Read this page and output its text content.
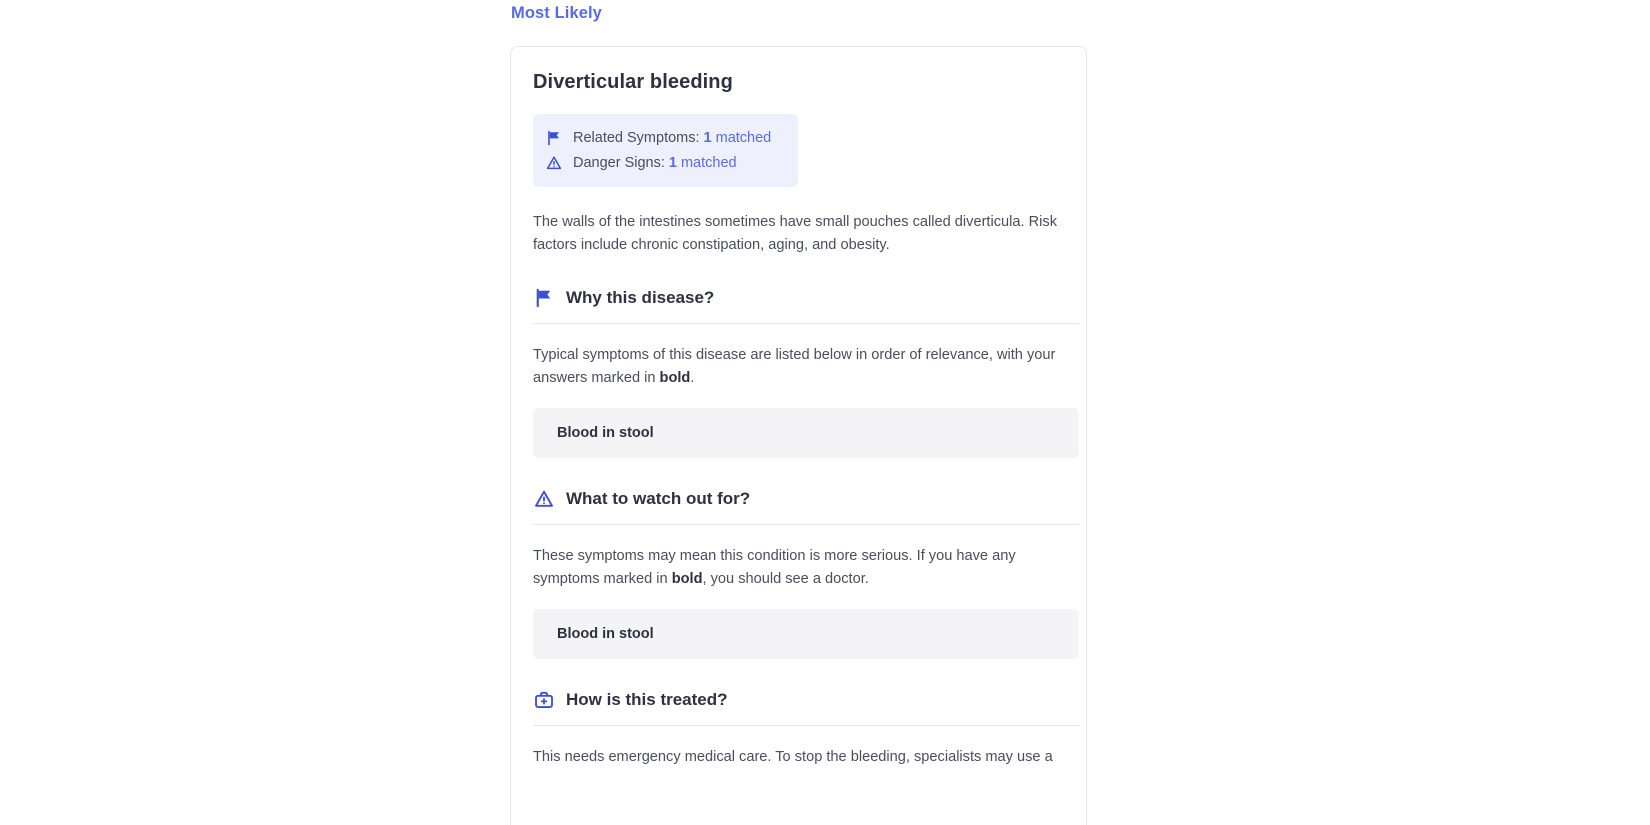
Most Likely
Diverticular bleeding
Related Symptoms: 1 matched
Danger Signs: 1 matched
The walls of the intestines sometimes have small pouches called diverticula. Risk factors include chronic constipation, aging, and obesity.
Why this disease?
Typical symptoms of this disease are listed below in order of relevance, with your answers marked in bold.
Blood in stool
What to watch out for?
These symptoms may mean this condition is more serious. If you have any symptoms marked in bold, you should see a doctor.
Blood in stool
How is this treated?
This needs emergency medical care. To stop the bleeding, specialists may use a
